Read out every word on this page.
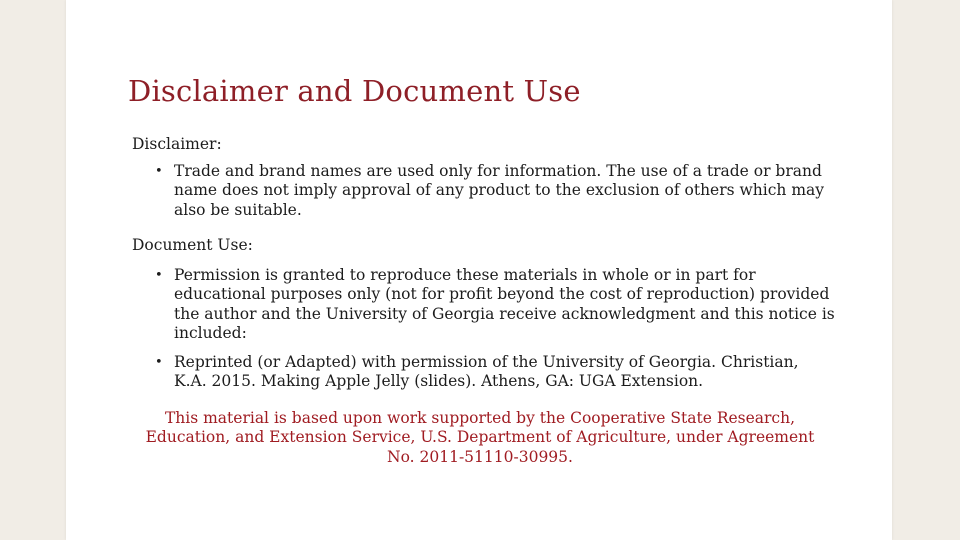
Disclaimer and Document Use
Disclaimer:
• Trade and brand names are used only for information. The use of a trade or brand name does not imply approval of any product to the exclusion of others which may also be suitable.
Document Use:
• Permission is granted to reproduce these materials in whole or in part for educational purposes only (not for profit beyond the cost of reproduction) provided the author and the University of Georgia receive acknowledgment and this notice is included:
• Reprinted (or Adapted) with permission of the University of Georgia. Christian, K.A. 2015. Making Apple Jelly (slides). Athens, GA: UGA Extension.
This material is based upon work supported by the Cooperative State Research, Education, and Extension Service, U.S. Department of Agriculture, under Agreement No. 2011-51110-30995.
